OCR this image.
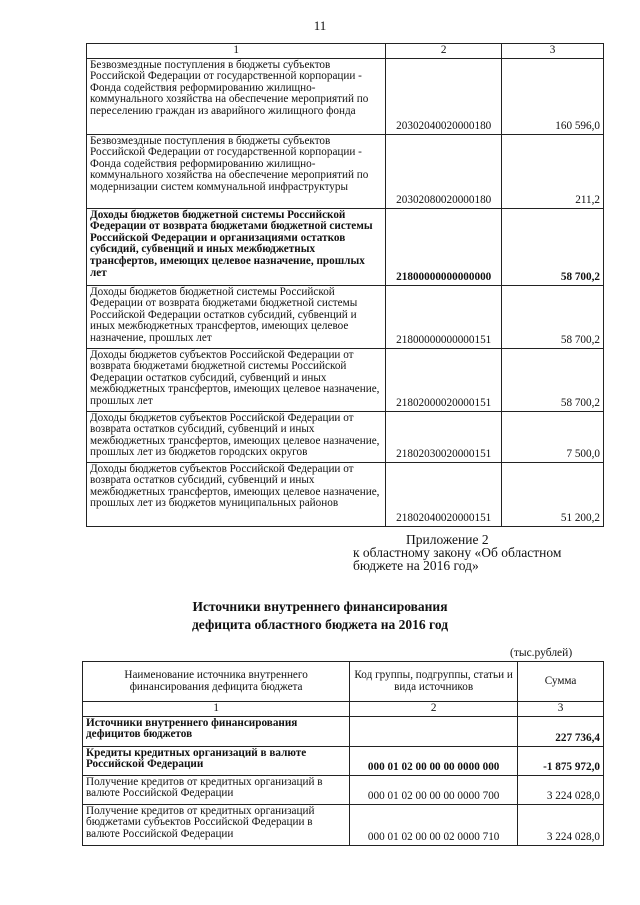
11
1	2	3
Безвозмездные поступления в бюджеты субъектов Российской Федерации от государственной корпорации - Фонда содействия реформированию жилищно-коммунального хозяйства на обеспечение мероприятий по переселению граждан из аварийного жилищного фонда	20302040020000180	160 596,0
Безвозмездные поступления в бюджеты субъектов Российской Федерации от государственной корпорации - Фонда содействия реформированию жилищно-коммунального хозяйства на обеспечение мероприятий по модернизации систем коммунальной инфраструктуры	20302080020000180	211,2
Доходы бюджетов бюджетной системы Российской Федерации от возврата бюджетами бюджетной системы Российской Федерации и организациями остатков субсидий, субвенций и иных межбюджетных трансфертов, имеющих целевое назначение, прошлых лет	21800000000000000	58 700,2
Доходы бюджетов бюджетной системы Российской Федерации от возврата бюджетами бюджетной системы Российской Федерации остатков субсидий, субвенций и иных межбюджетных трансфертов, имеющих целевое назначение, прошлых лет	21800000000000151	58 700,2
Доходы бюджетов субъектов Российской Федерации от возврата бюджетами бюджетной системы Российской Федерации остатков субсидий, субвенций и иных межбюджетных трансфертов, имеющих целевое назначение, прошлых лет	21802000020000151	58 700,2
Доходы бюджетов субъектов Российской Федерации от возврата остатков субсидий, субвенций и иных межбюджетных трансфертов, имеющих целевое назначение, прошлых лет из бюджетов городских округов	21802030020000151	7 500,0
Доходы бюджетов субъектов Российской Федерации от возврата остатков субсидий, субвенций и иных межбюджетных трансфертов, имеющих целевое назначение, прошлых лет из бюджетов муниципальных районов	21802040020000151	51 200,2
Приложение 2
к областному закону «Об областном
бюджете на 2016 год»
Источники внутреннего финансирования
дефицита областного бюджета на 2016 год
(тыс.рублей)
Наименование источника внутреннего финансирования дефицита бюджета	Код группы, подгруппы, статьи и вида источников	Сумма
1	2	3
Источники внутреннего финансирования дефицитов бюджетов		227 736,4
Кредиты кредитных организаций в валюте Российской Федерации	000 01 02 00 00 00 0000 000	-1 875 972,0
Получение кредитов от кредитных организаций в валюте Российской Федерации	000 01 02 00 00 00 0000 700	3 224 028,0
Получение кредитов от кредитных организаций бюджетами субъектов Российской Федерации в валюте Российской Федерации	000 01 02 00 00 02 0000 710	3 224 028,0
